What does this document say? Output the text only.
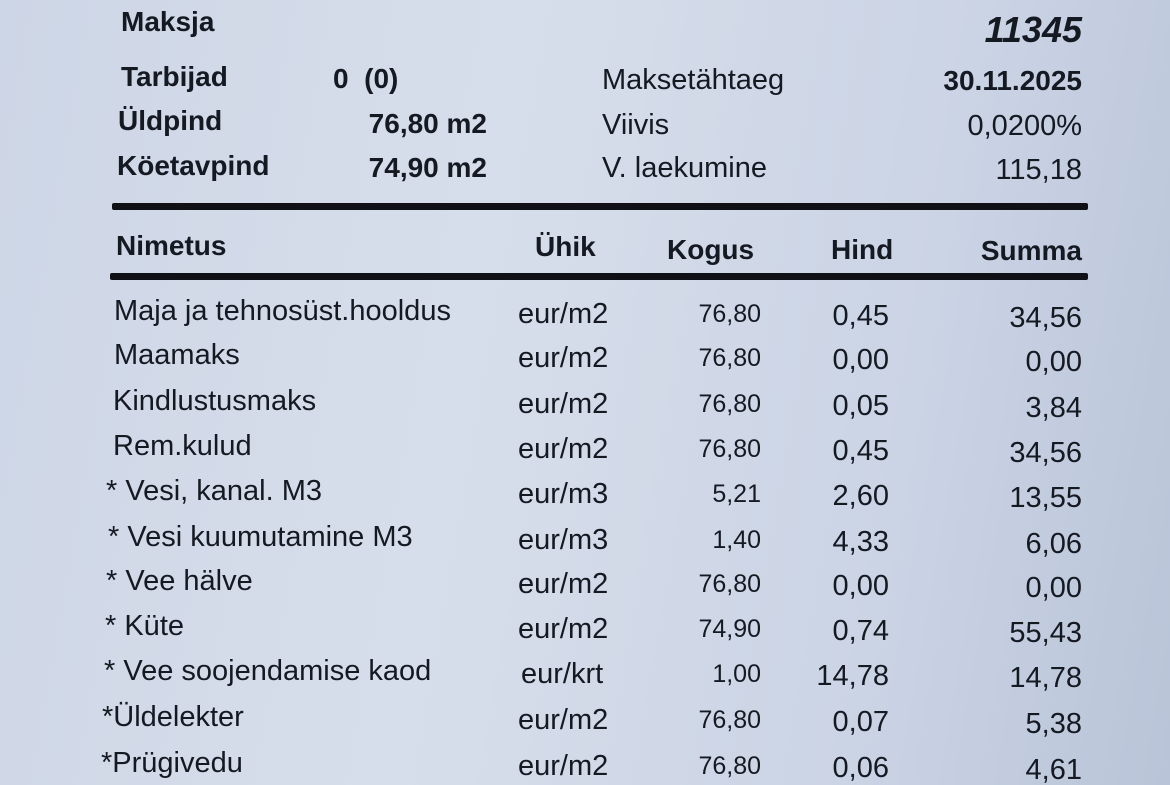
Maksja	11345
Tarbijad	0  (0)	Maksetähtaeg	30.11.2025
Üldpind	76,80 m2	Viivis	0,0200%
Köetavpind	74,90 m2	V. laekumine	115,18
Nimetus	Ühik	Kogus	Hind	Summa
Maja ja tehnosüst.hooldus eur/m2	76,80 0,45	34,56
Maamaks	eur/m2	76,80 0,00	0,00
Kindlustusmaks	eur/m2	76,80 0,05	3,84
Rem.kulud	eur/m2	76,80 0,45	34,56
* Vesi, kanal. M3	eur/m3	5,21 2,60	13,55
* Vesi kuumutamine M3	eur/m3	1,40 4,33	6,06
* Vee hälve	eur/m2	76,80 0,00	0,00
* Küte	eur/m2	74,90 0,74	55,43
* Vee soojendamise kaod	eur/krt	1,00 14,78	14,78
*Üldelekter	eur/m2	76,80 0,07	5,38
*Prügivedu	eur/m2	76,80 0,06	4,61
